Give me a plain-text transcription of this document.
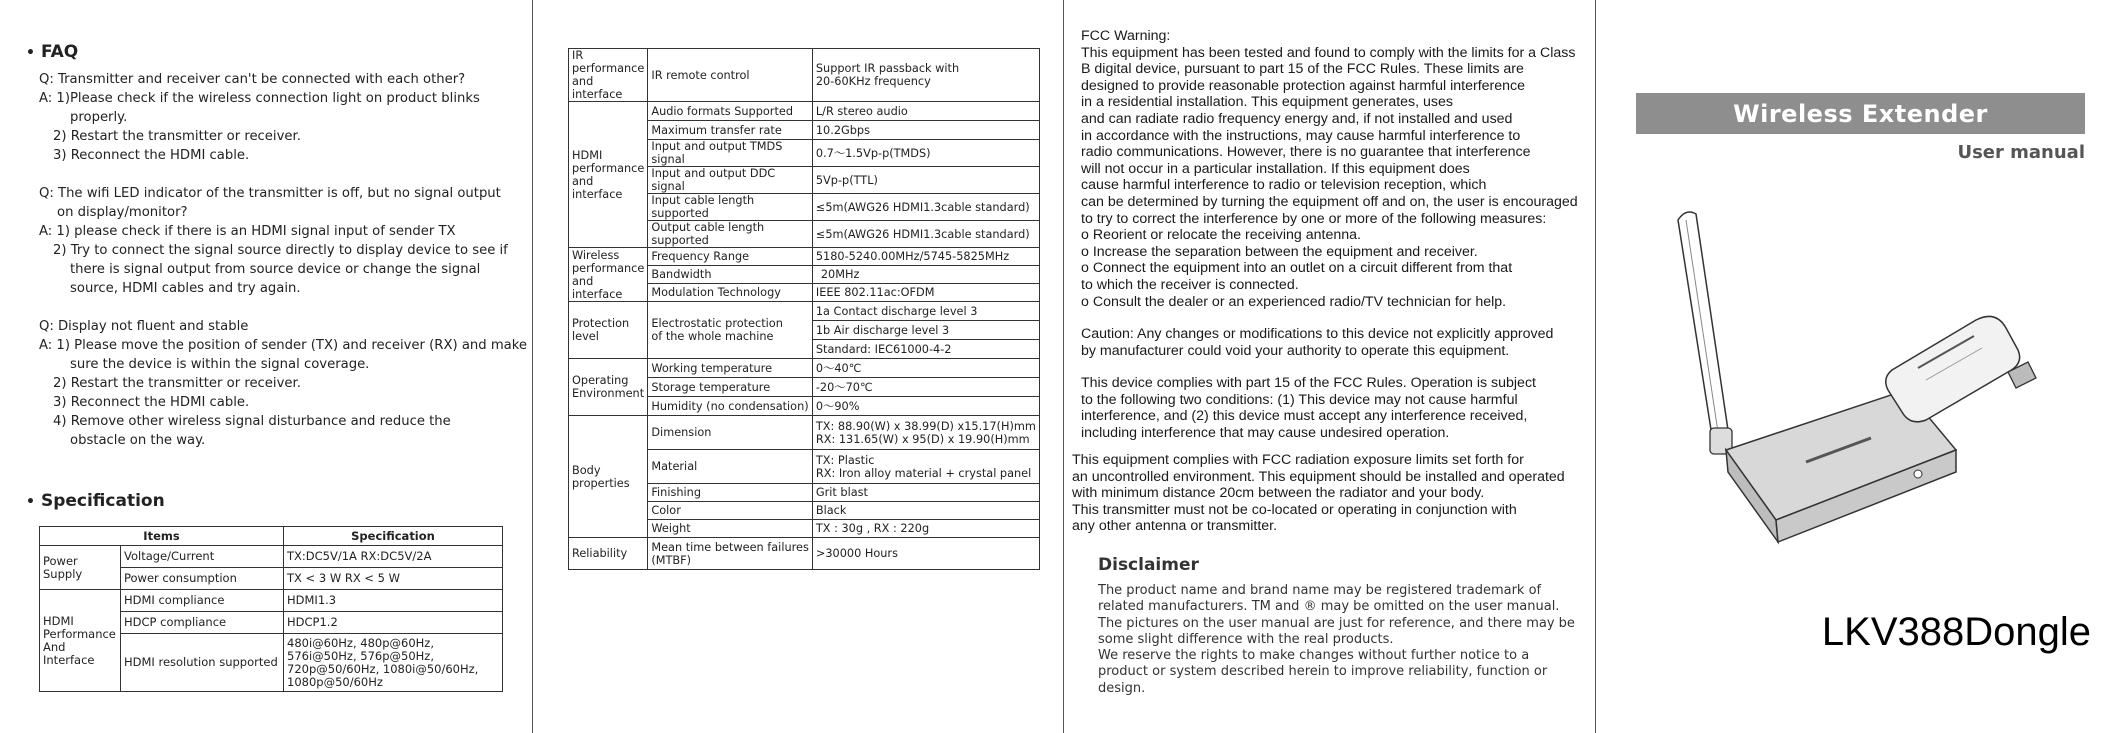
• FAQ
Q: Transmitter and receiver can't be connected with each other?
A: 1)Please check if the wireless connection light on product blinks
properly.
2) Restart the transmitter or receiver.
3) Reconnect the HDMI cable.
Q: The wifi LED indicator of the transmitter is off, but no signal output
on display/monitor?
A: 1) please check if there is an HDMI signal input of sender TX
2) Try to connect the signal source directly to display device to see if
there is signal output from source device or change the signal
source, HDMI cables and try again.
Q: Display not fluent and stable
A: 1) Please move the position of sender (TX) and receiver (RX) and make
sure the device is within the signal coverage.
2) Restart the transmitter or receiver.
3) Reconnect the HDMI cable.
4) Remove other wireless signal disturbance and reduce the
obstacle on the way.
• Specification
Items		Specification
Power Supply	Voltage/Current	TX:DC5V/1A RX:DC5V/2A
	Power consumption	TX < 3 W RX < 5 W
HDMI Performance And Interface	HDMI compliance	HDMI1.3
	HDCP compliance	HDCP1.2
	HDMI resolution supported	480i@60Hz, 480p@60Hz,
576i@50Hz, 576p@50Hz,
720p@50/60Hz, 1080i@50/60Hz,
1080p@50/60Hz
IR performance and interface	IR remote control	Support IR passback with
20-60KHz frequency

HDMI performance and interface	Audio formats Supported	L/R stereo audio
	Maximum transfer rate	10.2Gbps
	Input and output TMDS signal	0.7～1.5Vp-p(TMDS)
	Input and output DDC signal	5Vp-p(TTL)
	Input cable length supported	≤5m(AWG26 HDMI1.3cable standard)
	Output cable length supported	≤5m(AWG26 HDMI1.3cable standard)
Wireless performance and interface	Frequency Range	5180-5240.00MHz/5745-5825MHz
	Bandwidth	20MHz
	Modulation Technology	IEEE 802.11ac:OFDM
Protection level	Electrostatic protection
of the whole machine	1a Contact discharge level 3
		1b Air discharge level 3
		Standard: IEC61000-4-2
Operating Environment	Working temperature	0～40℃
	Storage temperature	-20～70℃
	Humidity (no condensation)	0～90%
Body properties	Dimension	TX: 88.90(W) x 38.99(D) x15.17(H)mm
RX: 131.65(W) x 95(D) x 19.90(H)mm

	Material	TX: Plastic
RX: Iron alloy material + crystal panel

	Finishing	Grit blast
	Color	Black
	Weight	TX : 30g , RX : 220g
Reliability	Mean time between failures
(MTBF)	>30000 Hours

FCC Warning:
This equipment has been tested and found to comply with the limits for a Class
B digital device, pursuant to part 15 of the FCC Rules. These limits are
designed to provide reasonable protection against harmful interference
in a residential installation. This equipment generates, uses
and can radiate radio frequency energy and, if not installed and used
in accordance with the instructions, may cause harmful interference to
radio communications. However, there is no guarantee that interference
will not occur in a particular installation. If this equipment does
cause harmful interference to radio or television reception, which
can be determined by turning the equipment off and on, the user is encouraged
to try to correct the interference by one or more of the following measures:
o Reorient or relocate the receiving antenna.
o Increase the separation between the equipment and receiver.
o Connect the equipment into an outlet on a circuit different from that
to which the receiver is connected.
o Consult the dealer or an experienced radio/TV technician for help.

Caution: Any changes or modifications to this device not explicitly approved
by manufacturer could void your authority to operate this equipment.

This device complies with part 15 of the FCC Rules. Operation is subject
to the following two conditions: (1) This device may not cause harmful
interference, and (2) this device must accept any interference received,
including interference that may cause undesired operation.

This equipment complies with FCC radiation exposure limits set forth for
an uncontrolled environment. This equipment should be installed and operated
with minimum distance 20cm between the radiator and your body.
This transmitter must not be co-located or operating in conjunction with
any other antenna or transmitter.
Disclaimer
The product name and brand name may be registered trademark of
related manufacturers. TM and ® may be omitted on the user manual.
The pictures on the user manual are just for reference, and there may be
some slight difference with the real products.
We reserve the rights to make changes without further notice to a
product or system described herein to improve reliability, function or
design.
Wireless Extender
User manual
LKV388Dongle
